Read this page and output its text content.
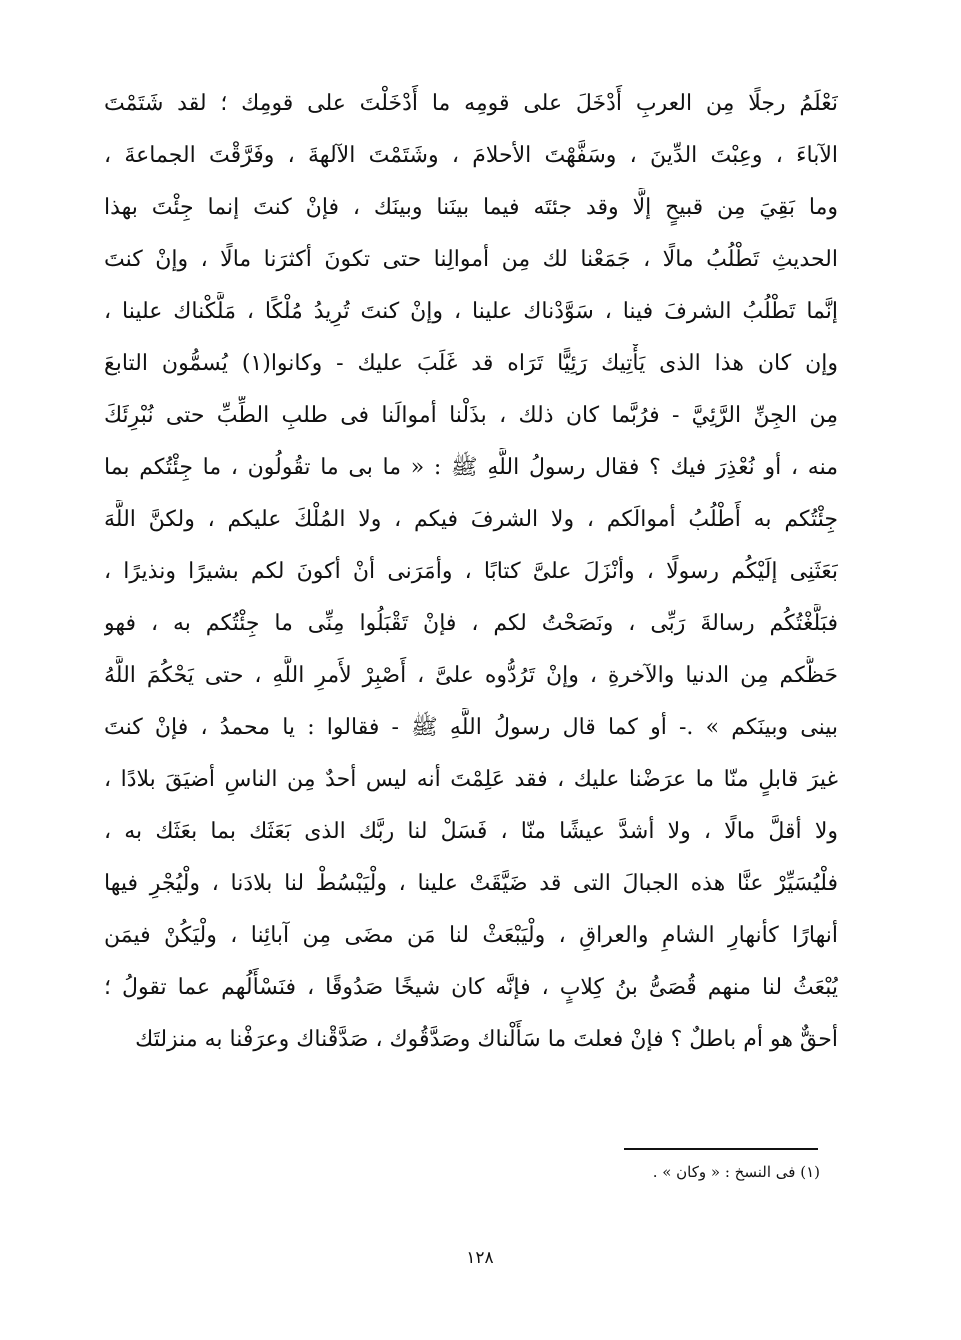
نَعْلَمُ رجلًا مِن العربِ أَدْخَلَ على قومِه ما أَدْخَلْتَ على قومِك ؛ لقد شَتَمْتَ
الآباءَ ، وعِبْتَ الدِّينَ ، وسَفَّهْتَ الأحلامَ ، وشَتَمْتَ الآلهةَ ، وفَرَّقْتَ الجماعةَ ،
وما بَقِيَ مِن قبيحٍ إلَّا وقد جئتَه فيما بينَنا وبينَك ، فإنْ كنتَ إنما جِئْتَ بهذا
الحديثِ تَطْلُبُ مالًا ، جَمَعْنا لك مِن أموالِنا حتى تكونَ أكثرَنا مالًا ، وإنْ كنتَ
إنَّما تَطْلُبُ الشرفَ فينا ، سَوَّدْناك علينا ، وإنْ كنتَ تُرِيدُ مُلْكًا ، مَلَّكْناك علينا ،
وإن كان هذا الذى يَأْتِيك رَئِيًّا تَرَاه قد غَلَبَ عليك - وكانوا(١) يُسمُّون التابعَ
مِن الجِنِّ الرَّئِيَّ - فرُبَّما كان ذلك ، بذَلْنا أموالَنا فى طلبِ الطِّبِّ حتى نُبْرِئَكَ
منه ، أو نُعْذِرَ فيك ؟ فقال رسولُ اللَّهِ ﷺ : « ما بى ما تقُولُون ، ما جِئْتُكم بما
جِئْتُكم به أَطْلُبُ أموالَكم ، ولا الشرفَ فيكم ، ولا المُلْكَ عليكم ، ولكنَّ اللَّهَ
بَعَثَنِى إلَيْكُم رسولًا ، وأنْزَلَ علىَّ كتابًا ، وأمَرَنى أنْ أكونَ لكم بشيرًا ونذيرًا ،
فبَلَّغْتُكُم رسالةَ رَبِّى ، ونَصَحْتُ لكم ، فإنْ تَقْبَلُوا مِنِّى ما جِئْتُكم به ، فهو
حَظُّكم مِن الدنيا والآخرةِ ، وإنْ تَرُدُّوه علىَّ ، أَصْبِرْ لأَمرِ اللَّهِ ، حتى يَحْكُمَ اللَّهُ
بينى وبينَكم » .- أو كما قال رسولُ اللَّهِ ﷺ - فقالوا : يا محمدُ ، فإنْ كنتَ
غيرَ قابلٍ منّا ما عرَضْنا عليك ، فقد عَلِمْتَ أنه ليس أحدٌ مِن الناسِ أضيَقَ بلادًا ،
ولا أقلَّ مالًا ، ولا أشدَّ عيشًا منّا ، فَسَلْ لنا ربَّك الذى بَعَثَك بما بعَثَك به ،
فلْيُسَيِّرْ عنَّا هذه الجبالَ التى قد ضَيَّقَتْ علينا ، ولْيَبْسُطْ لنا بلادَنا ، ولْيُجْرِ فيها
أنهارًا كأنهارِ الشامِ والعراقِ ، ولْيَبْعَثْ لنا مَن مضَى مِن آبائِنا ، ولْيَكُنْ فيمَن
يُبْعَثُ لنا منهم قُصَىُّ بنُ كِلابٍ ، فإنَّه كان شيخًا صَدُوقًا ، فنَسْأَلُهم عما تقولُ ؛
أحقٌّ هو أم باطلٌ ؟ فإنْ فعلتَ ما سَأَلْناك وصَدَّقُوك ، صَدَّقْناك وعرَفْنا به منزلتَك
(١) فى النسخ : « وكان » .
١٢٨
